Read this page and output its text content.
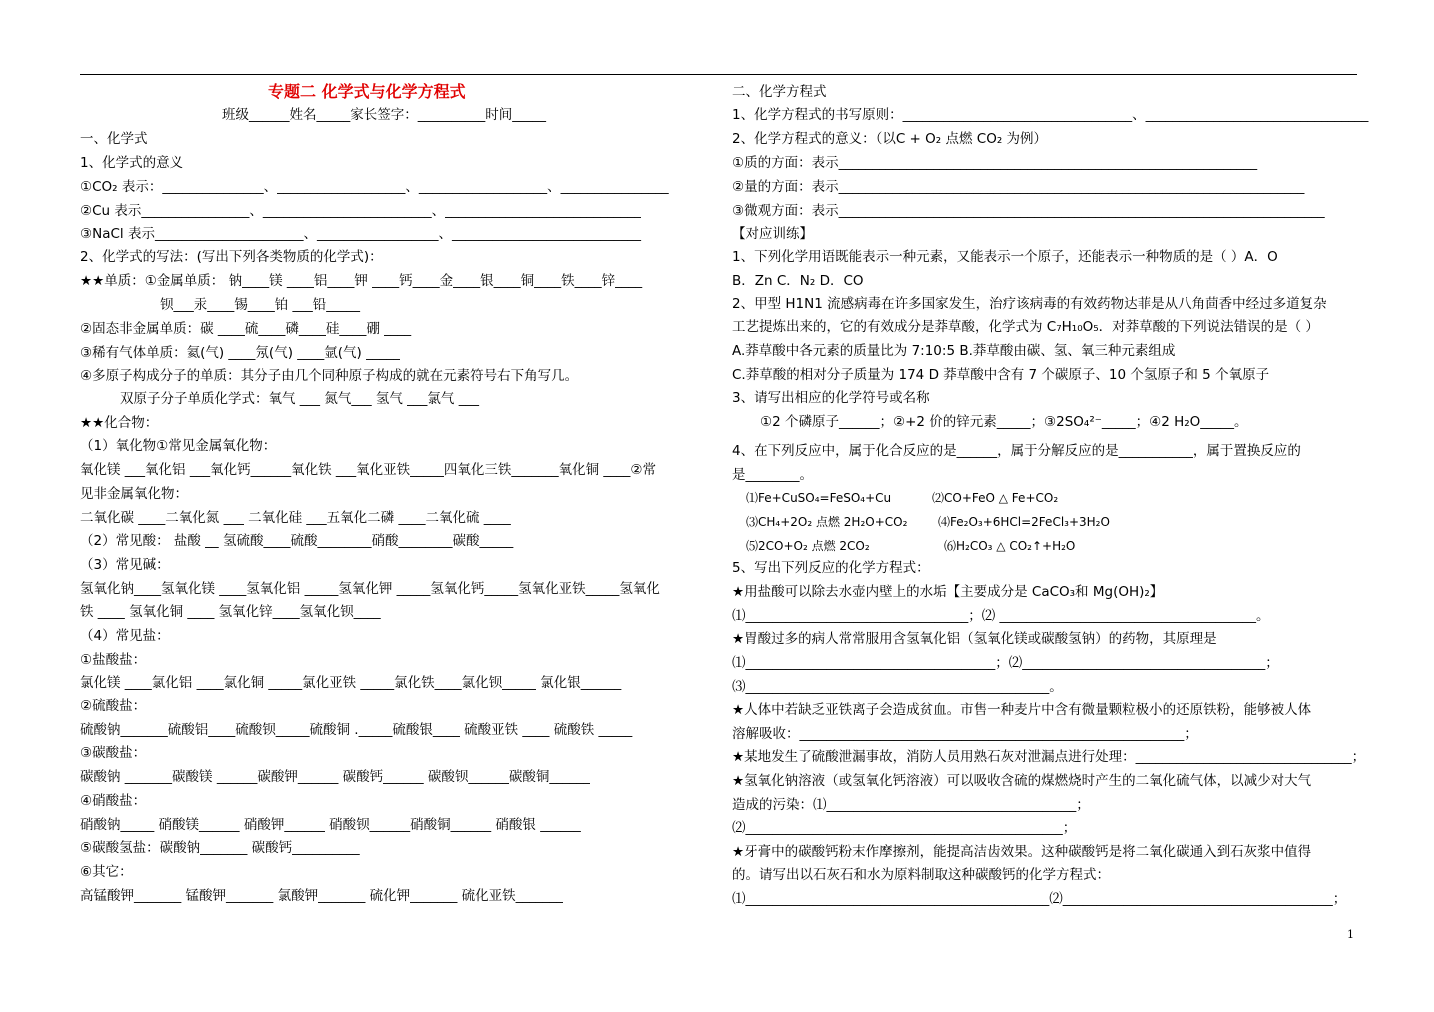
专题二 化学式与化学方程式
班级______姓名_____家长签字：__________时间_____
一、化学式
1、化学式的意义
①CO₂ 表示：_______________、___________________、___________________、________________
②Cu 表示________________、_________________________、_____________________________
③NaCl 表示______________________、__________________、____________________________
2、化学式的写法：(写出下列各类物质的化学式)：
★★单质：①金属单质： 钠____镁 ____铝____钾 ____钙____金____银____铜____铁____锌____
钡___汞____锡____铂 ___铅_____
②固态非金属单质：碳 ____硫____磷____硅____硼 ____
③稀有气体单质：氦(气) ____氖(气) ____氩(气) _____
④多原子构成分子的单质：其分子由几个同种原子构成的就在元素符号右下角写几。
双原子分子单质化学式：氧气 ___ 氮气___ 氢气 ___氯气 ___
★★化合物：
（1）氧化物①常见金属氧化物：
氧化镁 ___氧化铝 ___氧化钙______氧化铁 ___氧化亚铁_____四氧化三铁_______氧化铜 ____②常
见非金属氧化物：
二氧化碳 ____二氧化氮 ___ 二氧化硅 ___五氧化二磷 ____二氧化硫 ____
（2）常见酸： 盐酸 __ 氢硫酸____硫酸________硝酸________碳酸_____
（3）常见碱：
氢氧化钠____氢氧化镁 ____氢氧化铝 _____氢氧化钾 _____氢氧化钙_____氢氧化亚铁_____氢氧化
铁 ____ 氢氧化铜 ____ 氢氧化锌____氢氧化钡____
（4）常见盐：
①盐酸盐：
氯化镁 ____氯化铝 ____氯化铜 _____氯化亚铁 _____氯化铁____氯化钡_____ 氯化银______
②硫酸盐：
硫酸钠_______硫酸铝____硫酸钡_____硫酸铜 ._____硫酸银____ 硫酸亚铁 ____ 硫酸铁 _____
③碳酸盐：
碳酸钠 _______碳酸镁 ______碳酸钾______ 碳酸钙______ 碳酸钡______碳酸铜______
④硝酸盐：
硝酸钠_____ 硝酸镁______ 硝酸钾______ 硝酸钡______硝酸铜______ 硝酸银 ______
⑤碳酸氢盐：碳酸钠_______ 碳酸钙__________
⑥其它：
高锰酸钾_______ 锰酸钾_______ 氯酸钾_______ 硫化钾_______ 硫化亚铁_______
二、化学方程式
1、化学方程式的书写原则：__________________________________、_________________________________
2、化学方程式的意义：（以C + O₂ 点燃 CO₂ 为例）
①质的方面：表示______________________________________________________________
②量的方面：表示_____________________________________________________________________
③微观方面：表示________________________________________________________________________
【对应训练】
1、下列化学用语既能表示一种元素，又能表示一个原子，还能表示一种物质的是（ ）A．O
B．Zn C．N₂ D．CO
2、甲型 H1N1 流感病毒在许多国家发生，治疗该病毒的有效药物达菲是从八角茴香中经过多道复杂
工艺提炼出来的，它的有效成分是莽草酸，化学式为 C₇H₁₀O₅．对莽草酸的下列说法错误的是（ ）
A.莽草酸中各元素的质量比为 7:10:5 B.莽草酸由碳、氢、氧三种元素组成
C.莽草酸的相对分子质量为 174 D 莽草酸中含有 7 个碳原子、10 个氢原子和 5 个氧原子
3、请写出相应的化学符号或名称
①2 个磷原子______；②+2 价的锌元素_____；③2SO₄²⁻_____；④2 H₂O_____。
4、在下列反应中，属于化合反应的是______，属于分解反应的是___________，属于置换反应的
是________。
⑴Fe+CuSO₄=FeSO₄+Cu	⑵CO+FeO △ Fe+CO₂
⑶CH₄+2O₂ 点燃 2H₂O+CO₂	⑷Fe₂O₃+6HCl=2FeCl₃+3H₂O
⑸2CO+O₂ 点燃 2CO₂	⑹H₂CO₃ △ CO₂↑+H₂O
5、写出下列反应的化学方程式：
★用盐酸可以除去水壶内壁上的水垢【主要成分是 CaCO₃和 Mg(OH)₂】
⑴_________________________________；⑵ ______________________________________。
★胃酸过多的病人常常服用含氢氧化铝（氢氧化镁或碳酸氢钠）的药物，其原理是
⑴_____________________________________；⑵____________________________________；
⑶_____________________________________________。
★人体中若缺乏亚铁离子会造成贫血。市售一种麦片中含有微量颗粒极小的还原铁粉，能够被人体
溶解吸收：_________________________________________________________；
★某地发生了硫酸泄漏事故，消防人员用熟石灰对泄漏点进行处理：________________________________；
★氢氧化钠溶液（或氢氧化钙溶液）可以吸收含硫的煤燃烧时产生的二氧化硫气体，以减少对大气
造成的污染：⑴_____________________________________；
⑵_______________________________________________；
★牙膏中的碳酸钙粉末作摩擦剂，能提高洁齿效果。这种碳酸钙是将二氧化碳通入到石灰浆中值得
的。请写出以石灰石和水为原料制取这种碳酸钙的化学方程式：
⑴_____________________________________________⑵________________________________________；
1
